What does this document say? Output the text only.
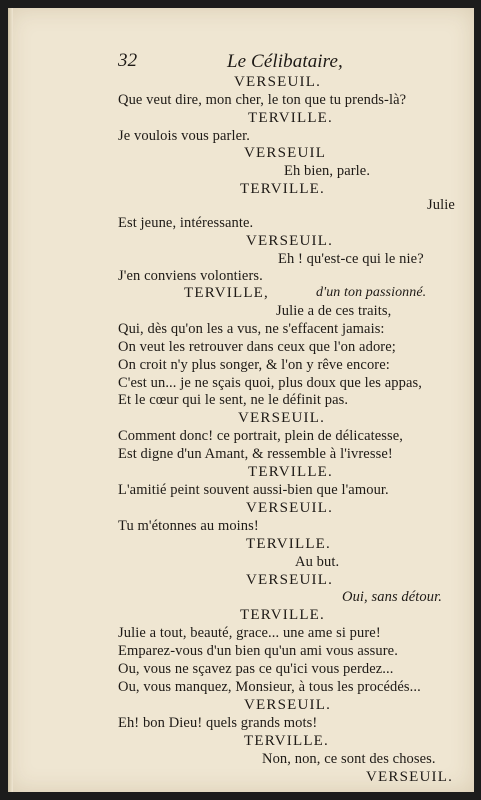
32	Le Célibataire,

VERSEUIL.

Que veut dire, mon cher, le ton que tu prends-là?

TERVILLE.

Je voulois vous parler.

VERSEUIL

Eh bien, parle.

TERVILLE.

Julie

Est jeune, intéressante.

VERSEUIL.

Eh ! qu'est-ce qui le nie?

J'en conviens volontiers.

TERVILLE,	d'un ton passionné.

Julie a de ces traits,

Qui, dès qu'on les a vus, ne s'effacent jamais:

On veut les retrouver dans ceux que l'on adore;

On croit n'y plus songer, & l'on y rêve encore:

C'est un... je ne sçais quoi, plus doux que les appas,

Et le cœur qui le sent, ne le définit pas.

VERSEUIL.

Comment donc! ce portrait, plein de délicatesse,

Est digne d'un Amant, & ressemble à l'ivresse!

TERVILLE.

L'amitié peint souvent aussi-bien que l'amour.

VERSEUIL.

Tu m'étonnes au moins!

TERVILLE.

Au but.

VERSEUIL.

Oui, sans détour.

TERVILLE.

Julie a tout, beauté, grace... une ame si pure!

Emparez-vous d'un bien qu'un ami vous assure.

Ou, vous ne sçavez pas ce qu'ici vous perdez...

Ou, vous manquez, Monsieur, à tous les procédés...

VERSEUIL.

Eh! bon Dieu! quels grands mots!

TERVILLE.

Non, non, ce sont des choses.

VERSEUIL.
